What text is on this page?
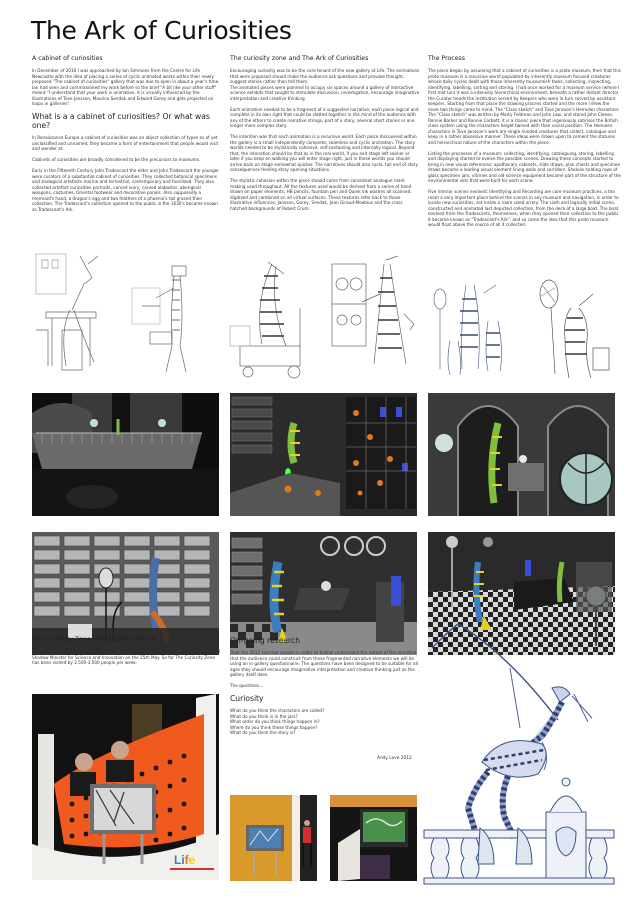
The Ark of Curiosities
A cabinet of curiosities

In December of 2010 I was approached by Ian Simmons from the Centre for Life Newcastle with the idea of placing a series of cyclic animated works within their newly proposed "The cabinet of curiosities" gallery that was due to open in about a year's time.

Ian had seen and commissioned my work before so the brief "A bit like your other stuff" meant "I understand that your work is animation, it is visually influenced by the illustrations of Tove Jansson, Maurice Sendak and Edward Gorey and gets projected on loops in galleries".

What is a a cabinet of curiosities? Or what was one?

In Renaissance Europe a cabinet of curiosities was an object collection of types as of yet unclassified and unnamed, they became a form of entertainment that people would visit and wonder at.

Cabinets of curiosities are broadly considered to be the precursors to museums.

Early in the Fifteenth Century John Tradescant the elder and John Tradescant the younger were curators of a substantial cabinet of curiosities. They collected botanical specimens and zoological artefacts marine and terrestrial, contemporary and fossilized. They also collected artefact curiosities portraits, carved ivory, carved alabaster, aboriginal weapons, costumes, Oriental footwear and decorative panels. Also supposedly a mermaid's hand, a dragon's egg and two feathers of a phoenix's tail graced their collection. The Tradescant's collection opened to the public in the 1630's became known as Tradescant's Ark .

The curiosity zone and The Ark of Curiosities

Encouraging curiosity was to be the core tenant of the new gallery at Life. The animations that were proposed should make the audience ask questions and provoke thought, suggest stories rather than tell them.

The animated pieces were planned to occupy six spaces around a gallery of interactive science exhibits that sought to stimulate discussion, investigation, encourage imaginative interpretation and creative thinking.

Each animation needed to be a fragment of a suggested narrative; each piece logical and complete in its own right that could be slotted together in the mind of the audience with any of the others to create narrative strings, part of a story, several short stories or one longer more complex story.

The intention was that each animation is a recursive world. Each piece discovered within the gallery is a small independently complete, seamless and cyclic animation. The story worlds needed to be stylistically cohesive, self-containing and internally logical. Beyond that, the intenation should be that as in the real world, if you exit stage left sooner or later if you keep on walking you will enter stage right, just in these worlds you should arrive back on stage somewhat quicker. The narratives should also cycle, tail end of story consequences feeding story opening situations.

The stylistic cohesion within the piece should come from consistent analogue mark making used throughout. All the textures used would be derived from a series of hand drawn on paper elements; HB pencils, fountain pen and Quink ink washes all scanned, digitized and combined on all virtual surfaces. These textures refer back to those illustrative influences; Jansson, Gorey, Sendak, Jean Giraud-Moebius and the cross hatched backgrounds of Robert Crum.

The Process

The piece began by assuming that a cabinet of curiosities is a proto museum, then that this proto museum is a recursive world populated by inherently museum focused creatures whose daily cycles dealt with those inherently museumish tasks, collecting, inspecting, identifying, labelling, sorting and storing. I had once worked for a museum service (where I first met Ian) it was a intensely hierarchical environment, beneath a rather distant director the Curator heads the institution served by Keepers who were in turn served by assistant keepers. Starting from that place the drawing process started and the more I drew the more two things came to mind, The "Class sketch" and Tove Jansson's Hemulen characters. The "Class sketch" was written by Marty Feldman and John Law, and stared John Cleese, Ronnie Barker and Ronnie Corbett, it is a classic piece that ingeniously satirises the British class system using the characters height twined with their social position. The Hemulen characters in Tove Jansson's work are single minded creatures that collect, catalogue and keep in a rather obsessive manner. These ideas were drawn upon to cement the statures and hierarchical nature of the characters within the piece.

Listing the processes of a museum; collecting, identifying, cataloguing, storing, labelling and displaying started to evolve the possible scenes. Drawing these concepts started to bring in new visual references; apothecary cabinets, slide draws, plan chests and specimen draws became a leading visual element lining walls and corridors. Shelves holding rows of glass specimen jars, vitrines and old science equipment became part of the structure of the environmental sets that were built for each scene.

Five interior scenes evolved; Identifying and Recording are core museum practices, a tea room a very important place behind the scenes in any museum and navigation, in order to locate new curiosities, set inside a room sized orrery. The sixth and logically initial scene, constructed and animated last depicted collection, from the deck of a large boat. The boat evolved from the Tradescants, themselves, when they opened their collection to the public it became known as "Tradescant's Ark", and so came the idea that this proto museum would float above the source of all it collected.

The Curiosity Zone at the Centre for Life

The Curiosity Zone was officially launched by Chi Onwurah, MP for Newcastle Central and Shadow Minister for Science and Innovation on the 25th May. So far The Curiosity Zone has been visited by 2,500-3,500 people per week.

On-going research

Over the 2012 summer season in order to further understand the nature of the narrative that the audience could construct from these fragmented narrative elements we will be using an in gallery questionnaire. The questions have been designed to be suitable for all ages they should encourage imaginative interpretation and creative thinking just as the gallery itself does.

The questions...

Curiosity

What do you think the characters are called?

What do you think is in the jars?

What order do you think things happen in?

Where do you think these things happen?

What do you think the story is?

Andy Love 2012
Life
